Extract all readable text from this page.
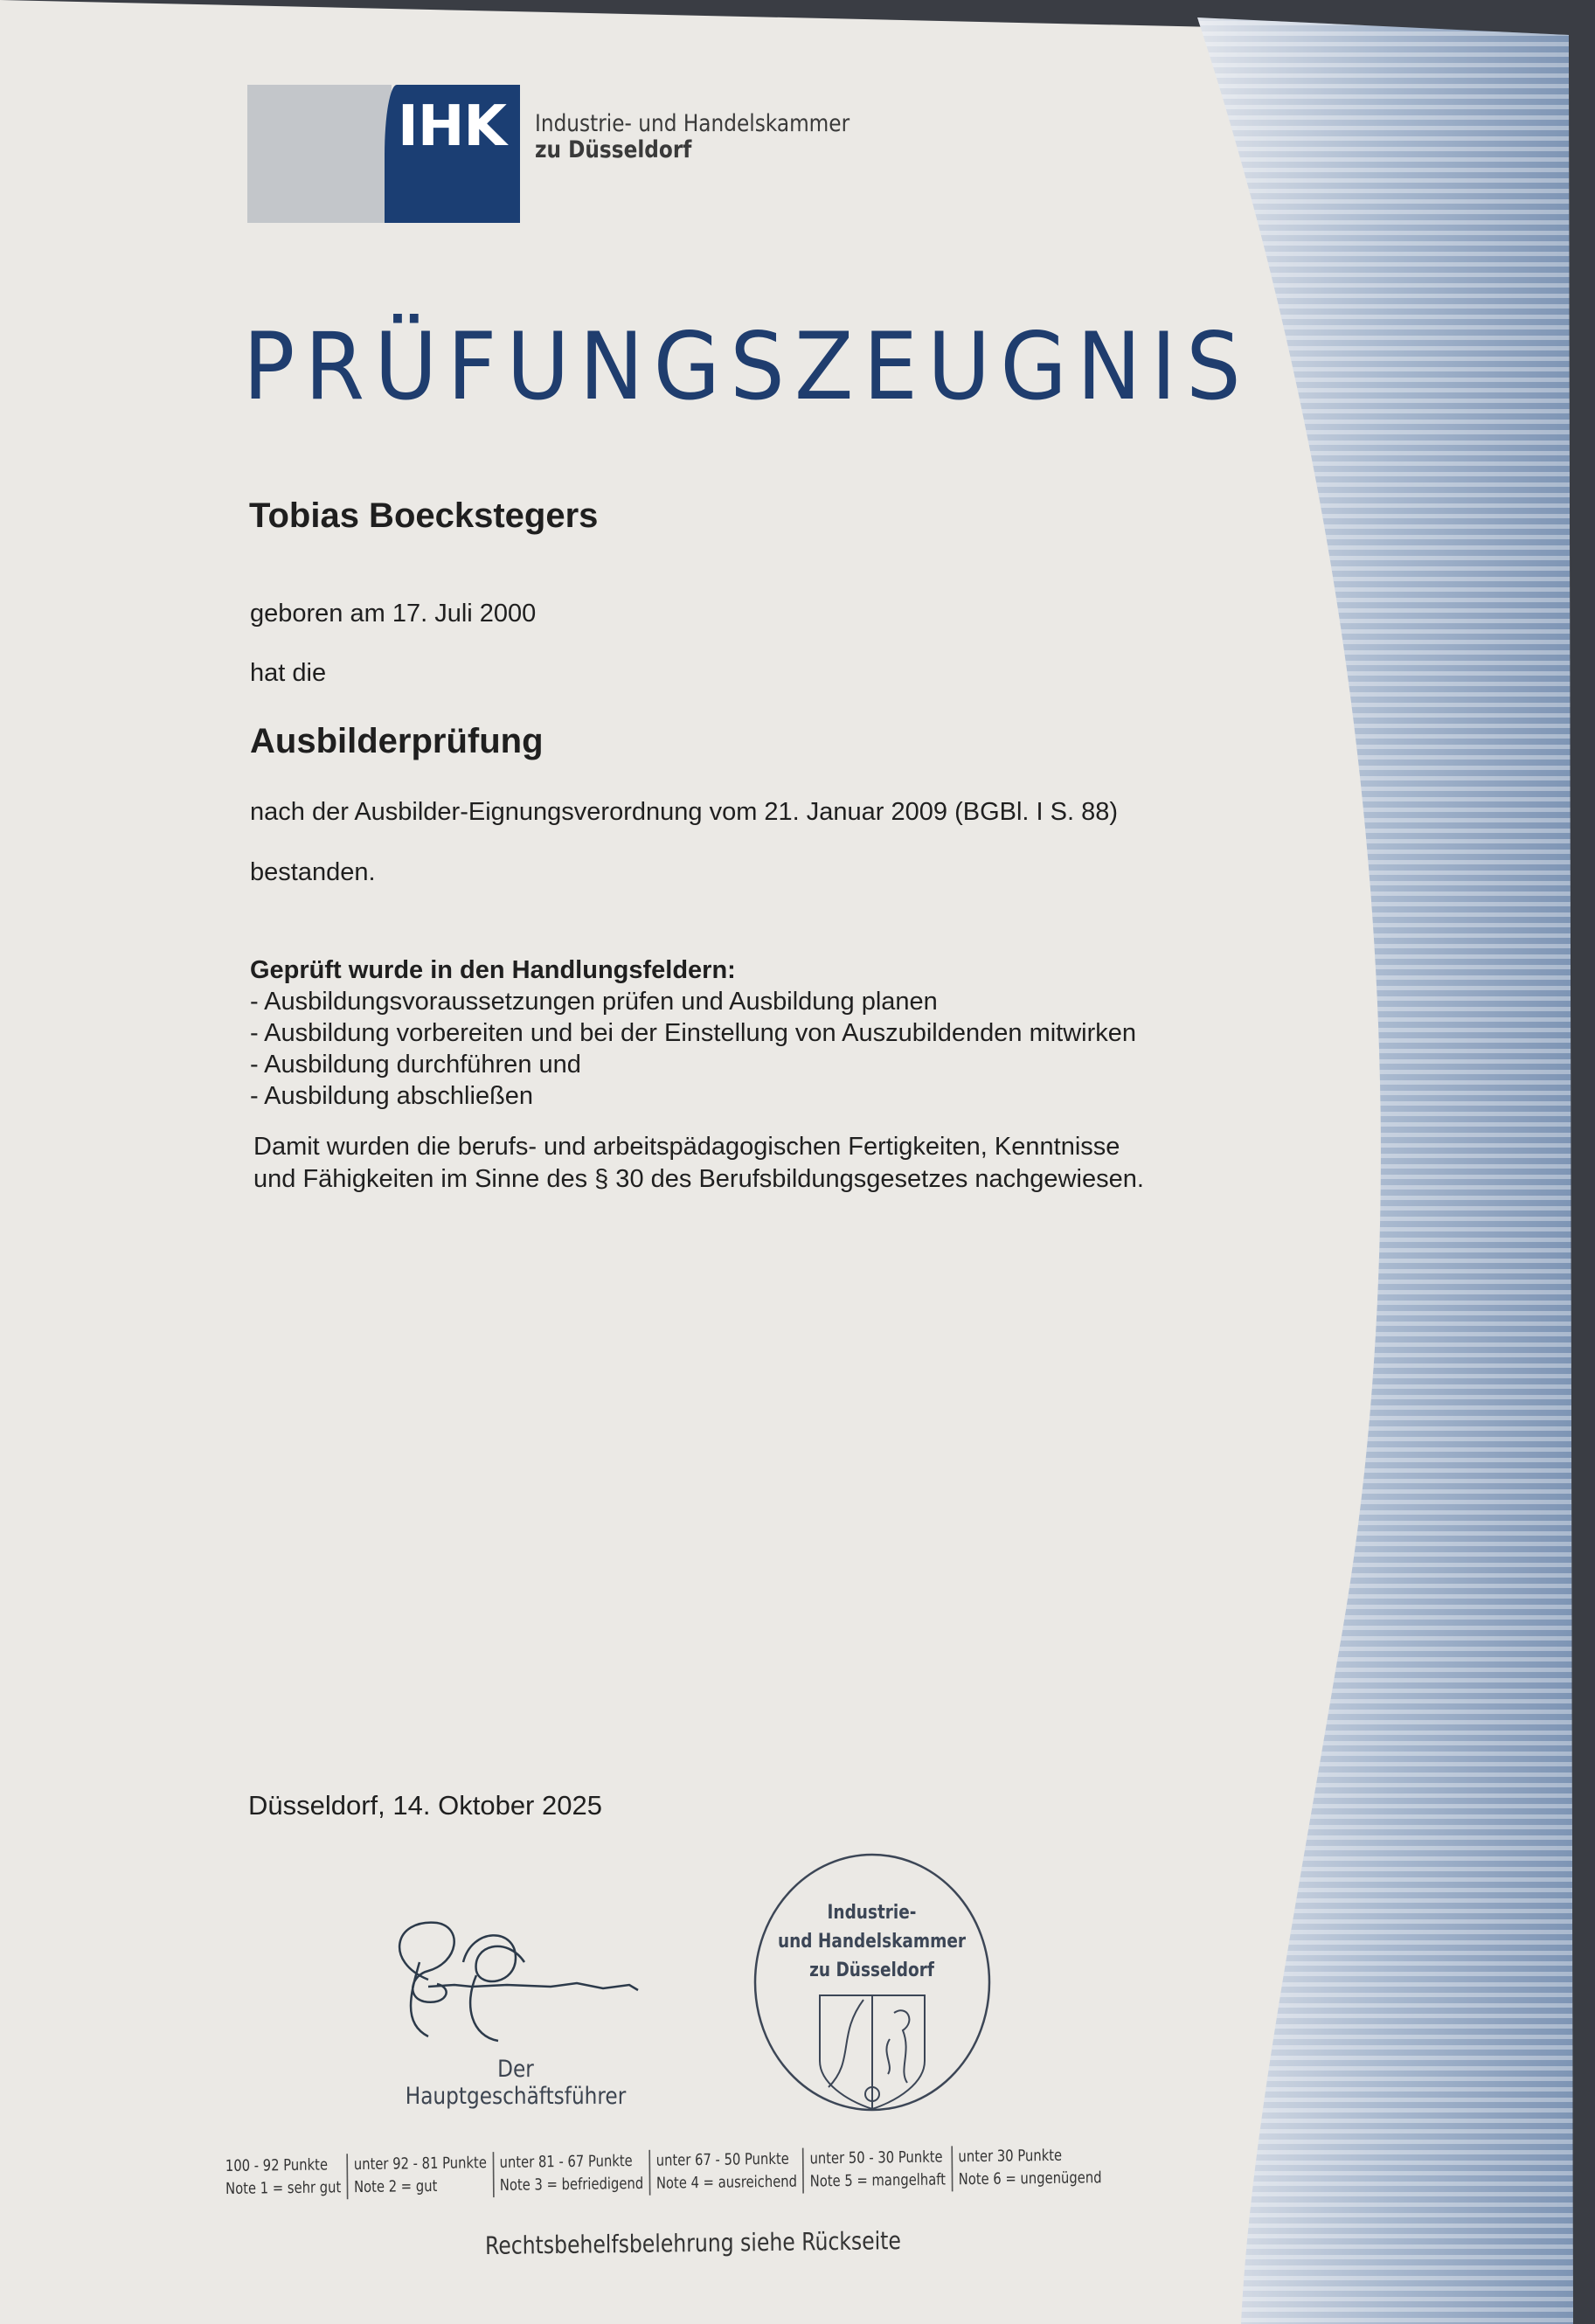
IHK Industrie- und Handelskammer
zu Düsseldorf
PRÜFUNGSZEUGNIS
Tobias Boeckstegers
geboren am 17. Juli 2000
hat die
Ausbilderprüfung
nach der Ausbilder-Eignungsverordnung vom 21. Januar 2009 (BGBl. I S. 88)
bestanden.
Geprüft wurde in den Handlungsfeldern:
- Ausbildungsvoraussetzungen prüfen und Ausbildung planen
- Ausbildung vorbereiten und bei der Einstellung von Auszubildenden mitwirken
- Ausbildung durchführen und
- Ausbildung abschließen
Damit wurden die berufs- und arbeitspädagogischen Fertigkeiten, Kenntnisse
und Fähigkeiten im Sinne des § 30 des Berufsbildungsgesetzes nachgewiesen.
Düsseldorf, 14. Oktober 2025
Der Hauptgeschäftsführer
Industrie-
und Handelskammer
zu Düsseldorf
100 - 92 Punkte
Note 1 = sehr gut
unter 92 - 81 Punkte
Note 2 = gut
unter 81 - 67 Punkte
Note 3 = befriedigend
unter 67 - 50 Punkte
Note 4 = ausreichend
unter 50 - 30 Punkte
Note 5 = mangelhaft
unter 30 Punkte
Note 6 = ungenügend
Rechtsbehelfsbelehrung siehe Rückseite
